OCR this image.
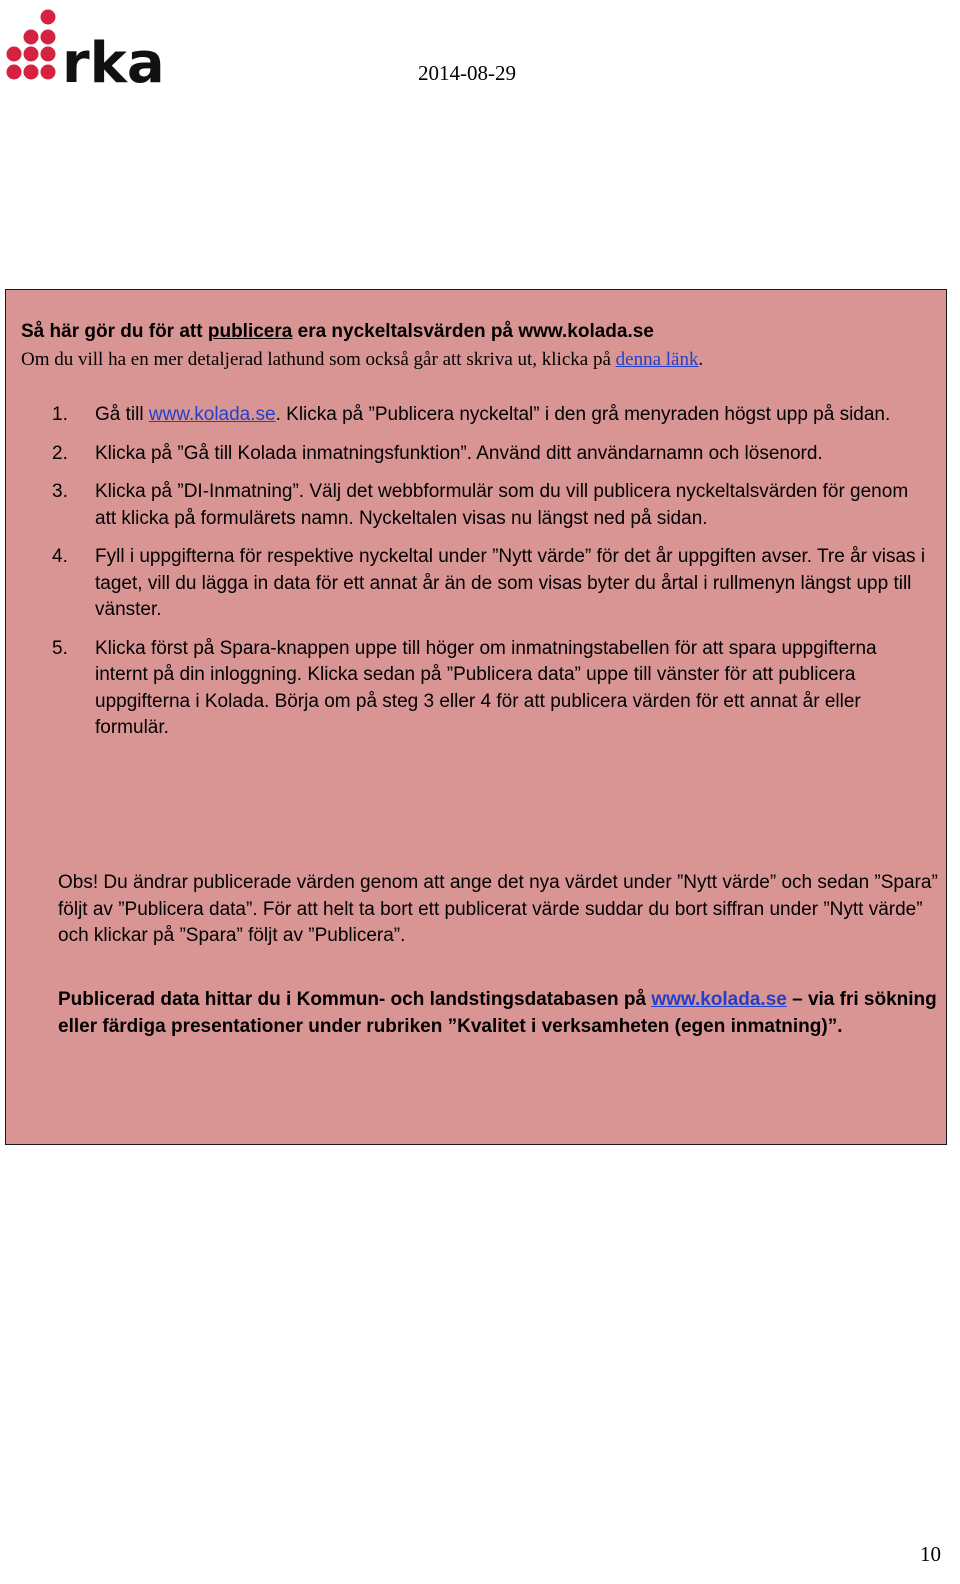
rka	2014-08-29
Så här gör du för att publicera era nyckeltalsvärden på www.kolada.se
Om du vill ha en mer detaljerad lathund som också går att skriva ut, klicka på denna länk.
1. Gå till www.kolada.se. Klicka på ”Publicera nyckeltal” i den grå menyraden högst upp på sidan.
2. Klicka på ”Gå till Kolada inmatningsfunktion”. Använd ditt användarnamn och lösenord.
3. Klicka på ”DI-Inmatning”. Välj det webbformulär som du vill publicera nyckeltalsvärden för genom att klicka på formulärets namn. Nyckeltalen visas nu längst ned på sidan.
4. Fyll i uppgifterna för respektive nyckeltal under ”Nytt värde” för det år uppgiften avser. Tre år visas i taget, vill du lägga in data för ett annat år än de som visas byter du årtal i rullmenyn längst upp till vänster.
5. Klicka först på Spara-knappen uppe till höger om inmatningstabellen för att spara uppgifterna internt på din inloggning. Klicka sedan på ”Publicera data” uppe till vänster för att publicera uppgifterna i Kolada. Börja om på steg 3 eller 4 för att publicera värden för ett annat år eller formulär.
Obs! Du ändrar publicerade värden genom att ange det nya värdet under ”Nytt värde” och sedan ”Spara” följt av ”Publicera data”. För att helt ta bort ett publicerat värde suddar du bort siffran under ”Nytt värde” och klickar på ”Spara” följt av ”Publicera”.
Publicerad data hittar du i Kommun- och landstingsdatabasen på www.kolada.se – via fri sökning eller färdiga presentationer under rubriken ”Kvalitet i verksamheten (egen inmatning)”.
10
